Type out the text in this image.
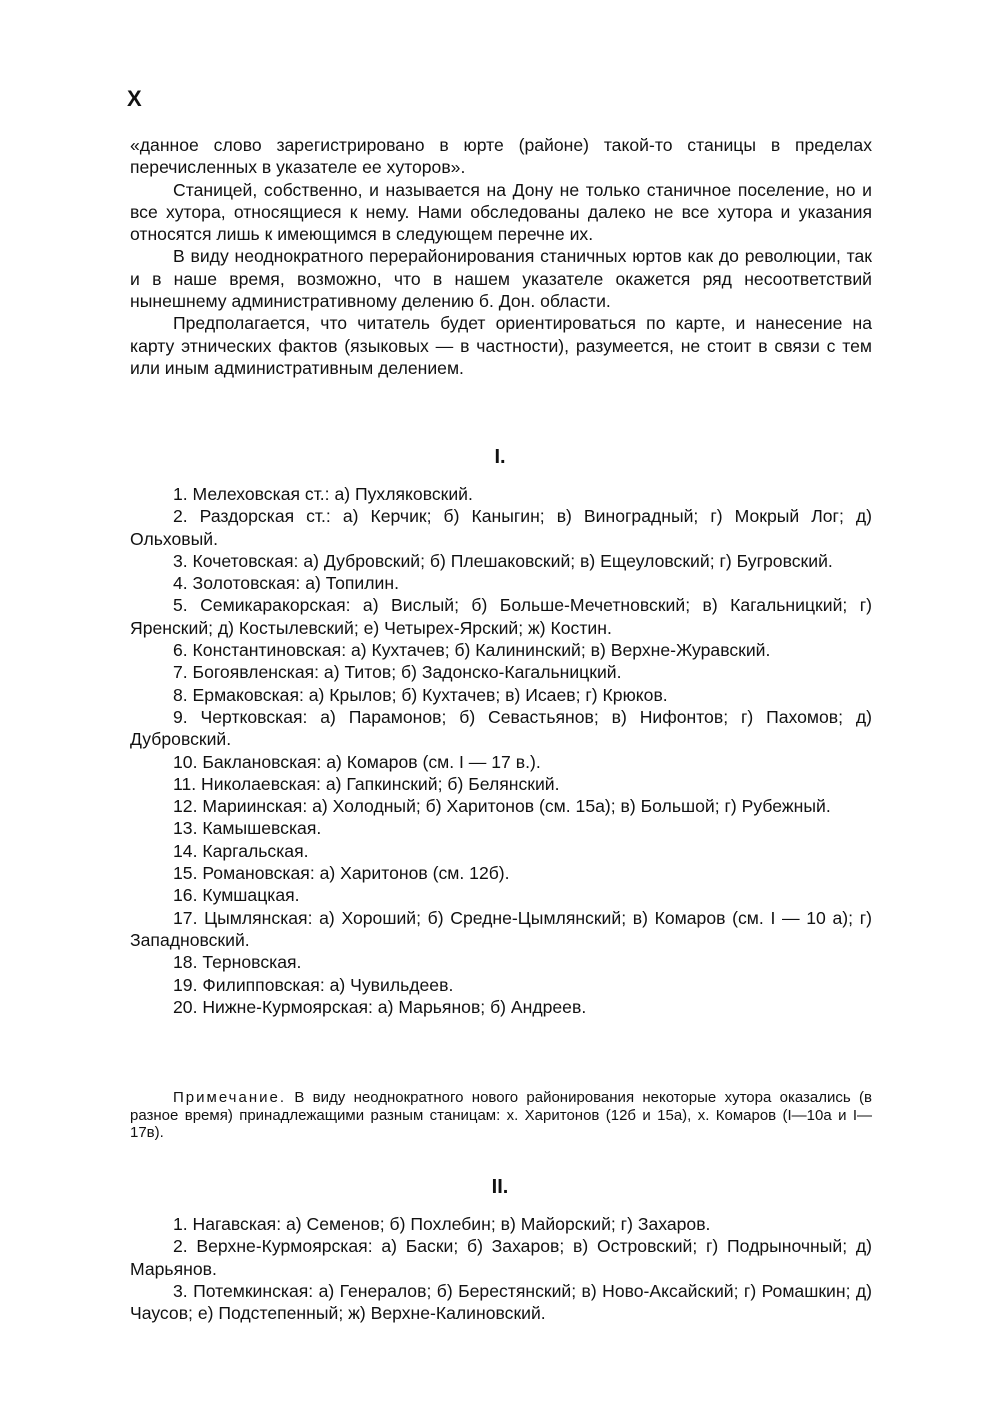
X

«данное слово зарегистрировано в юрте (районе) такой-то станицы в пределах перечисленных в указателе ее хуторов».

Станицей, собственно, и называется на Дону не только станичное поселение, но и все хутора, относящиеся к нему. Нами обследованы далеко не все хутора и указания относятся лишь к имеющимся в следующем перечне их.

В виду неоднократного перерайонирования станичных юртов как до революции, так и в наше время, возможно, что в нашем указателе окажется ряд несоответствий нынешнему административному делению б. Дон. области.

Предполагается, что читатель будет ориентироваться по карте, и нанесение на карту этнических фактов (языковых — в частности), разумеется, не стоит в связи с тем или иным административным делением.

I.

1. Мелеховская ст.: а) Пухляковский.

2. Раздорская ст.: а) Керчик; б) Каныгин; в) Виноградный; г) Мокрый Лог; д) Ольховый.

3. Кочетовская: а) Дубровский; б) Плешаковский; в) Ещеуловский; г) Бугровский.

4. Золотовская: а) Топилин.

5. Семикаракорская: а) Вислый; б) Больше-Мечетновский; в) Кагальницкий; г) Яренский; д) Костылевский; е) Четырех-Ярский; ж) Костин.

6. Константиновская: а) Кухтачев; б) Калининский; в) Верхне-Журавский.

7. Богоявленская: а) Титов; б) Задонско-Кагальницкий.

8. Ермаковская: а) Крылов; б) Кухтачев; в) Исаев; г) Крюков.

9. Чертковская: а) Парамонов; б) Севастьянов; в) Нифонтов; г) Пахомов; д) Дубровский.

10. Баклановская: а) Комаров (см. I — 17 в.).

11. Николаевская: а) Гапкинский; б) Белянский.

12. Мариинская: а) Холодный; б) Харитонов (см. 15а); в) Большой; г) Рубежный.

13. Камышевская.

14. Каргальская.

15. Романовская: а) Харитонов (см. 12б).

16. Кумшацкая.

17. Цымлянская: а) Хороший; б) Средне-Цымлянский; в) Комаров (см. I — 10 а); г) Западновский.

18. Терновская.

19. Филипповская: а) Чувильдеев.

20. Нижне-Курмоярская: а) Марьянов; б) Андреев.

Примечание. В виду неоднократного нового районирования некоторые хутора оказались (в разное время) принадлежащими разным станицам: х. Харитонов (12б и 15а), х. Комаров (I—10а и I—17в).

II.

1. Нагавская: а) Семенов; б) Похлебин; в) Майорский; г) Захаров.

2. Верхне-Курмоярская: а) Баски; б) Захаров; в) Островский; г) Подрыночный; д) Марьянов.

3. Потемкинская: а) Генералов; б) Берестянский; в) Ново-Аксайский; г) Ромашкин; д) Чаусов; е) Подстепенный; ж) Верхне-Калиновский.
